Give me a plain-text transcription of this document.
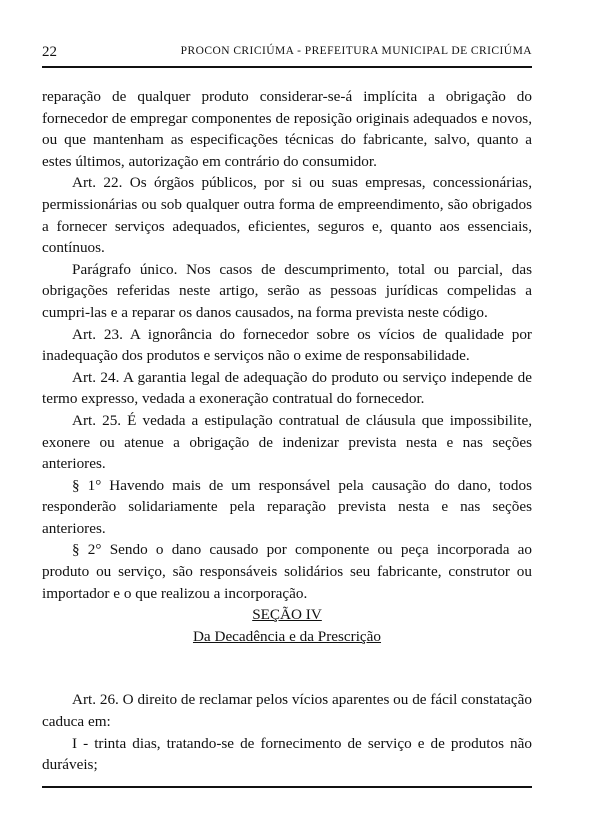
22	PROCON CRICIÚMA - PREFEITURA MUNICIPAL DE CRICIÚMA

reparação de qualquer produto considerar-se-á implícita a obrigação do fornecedor de empregar componentes de reposição originais adequados e novos, ou que mantenham as especificações técnicas do fabricante, salvo, quanto a estes últimos, autorização em contrário do consumidor.

Art. 22. Os órgãos públicos, por si ou suas empresas, concessionárias, permissionárias ou sob qualquer outra forma de empreendimento, são obrigados a fornecer serviços adequados, eficientes, seguros e, quanto aos essenciais, contínuos.

Parágrafo único. Nos casos de descumprimento, total ou parcial, das obrigações referidas neste artigo, serão as pessoas jurídicas compelidas a cumpri-las e a reparar os danos causados, na forma prevista neste código.

Art. 23. A ignorância do fornecedor sobre os vícios de qualidade por inadequação dos produtos e serviços não o exime de responsabilidade.

Art. 24. A garantia legal de adequação do produto ou serviço independe de termo expresso, vedada a exoneração contratual do fornecedor.

Art. 25. É vedada a estipulação contratual de cláusula que impossibilite, exonere ou atenue a obrigação de indenizar prevista nesta e nas seções anteriores.

§ 1° Havendo mais de um responsável pela causação do dano, todos responderão solidariamente pela reparação prevista nesta e nas seções anteriores.

§ 2° Sendo o dano causado por componente ou peça incorporada ao produto ou serviço, são responsáveis solidários seu fabricante, construtor ou importador e o que realizou a incorporação.

SEÇÃO IV

Da Decadência e da Prescrição

Art. 26. O direito de reclamar pelos vícios aparentes ou de fácil constatação caduca em:

I - trinta dias, tratando-se de fornecimento de serviço e de produtos não duráveis;
